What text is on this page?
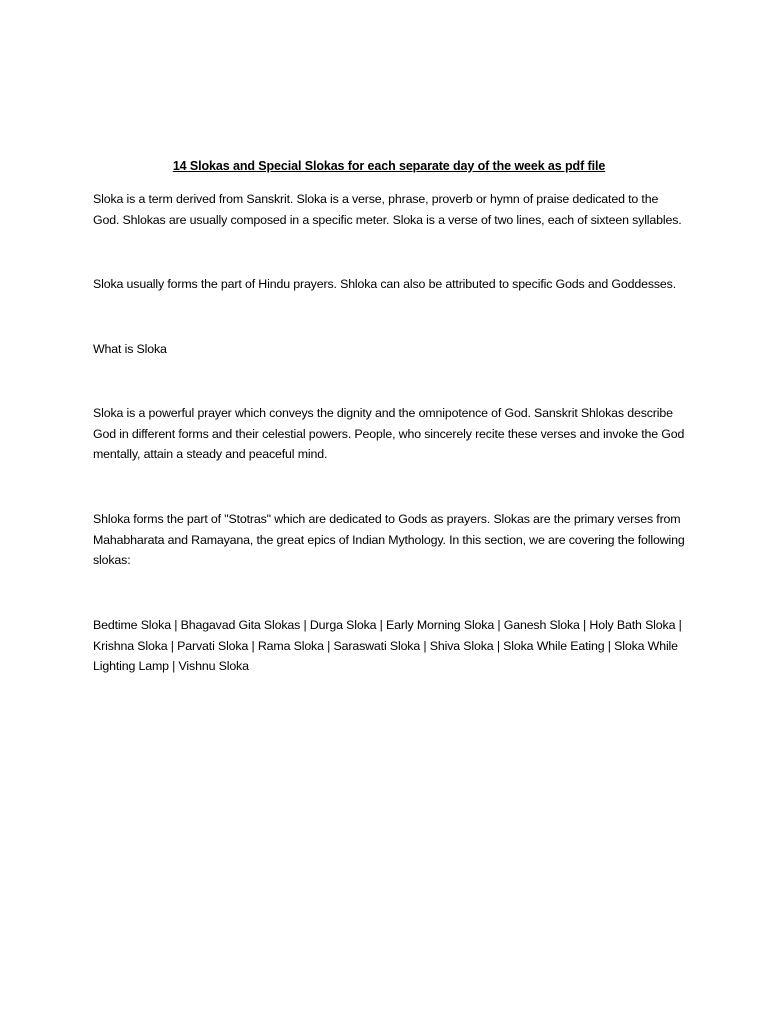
14 Slokas and Special Slokas for each separate day of the week as pdf file

Sloka is a term derived from Sanskrit. Sloka is a verse, phrase, proverb or hymn of praise dedicated to the God. Shlokas are usually composed in a specific meter. Sloka is a verse of two lines, each of sixteen syllables.

Sloka usually forms the part of Hindu prayers. Shloka can also be attributed to specific Gods and Goddesses.

What is Sloka

Sloka is a powerful prayer which conveys the dignity and the omnipotence of God. Sanskrit Shlokas describe God in different forms and their celestial powers. People, who sincerely recite these verses and invoke the God mentally, attain a steady and peaceful mind.

Shloka forms the part of "Stotras" which are dedicated to Gods as prayers. Slokas are the primary verses from Mahabharata and Ramayana, the great epics of Indian Mythology. In this section, we are covering the following slokas:

Bedtime Sloka | Bhagavad Gita Slokas | Durga Sloka | Early Morning Sloka | Ganesh Sloka | Holy Bath Sloka | Krishna Sloka | Parvati Sloka | Rama Sloka | Saraswati Sloka | Shiva Sloka | Sloka While Eating | Sloka While Lighting Lamp | Vishnu Sloka
